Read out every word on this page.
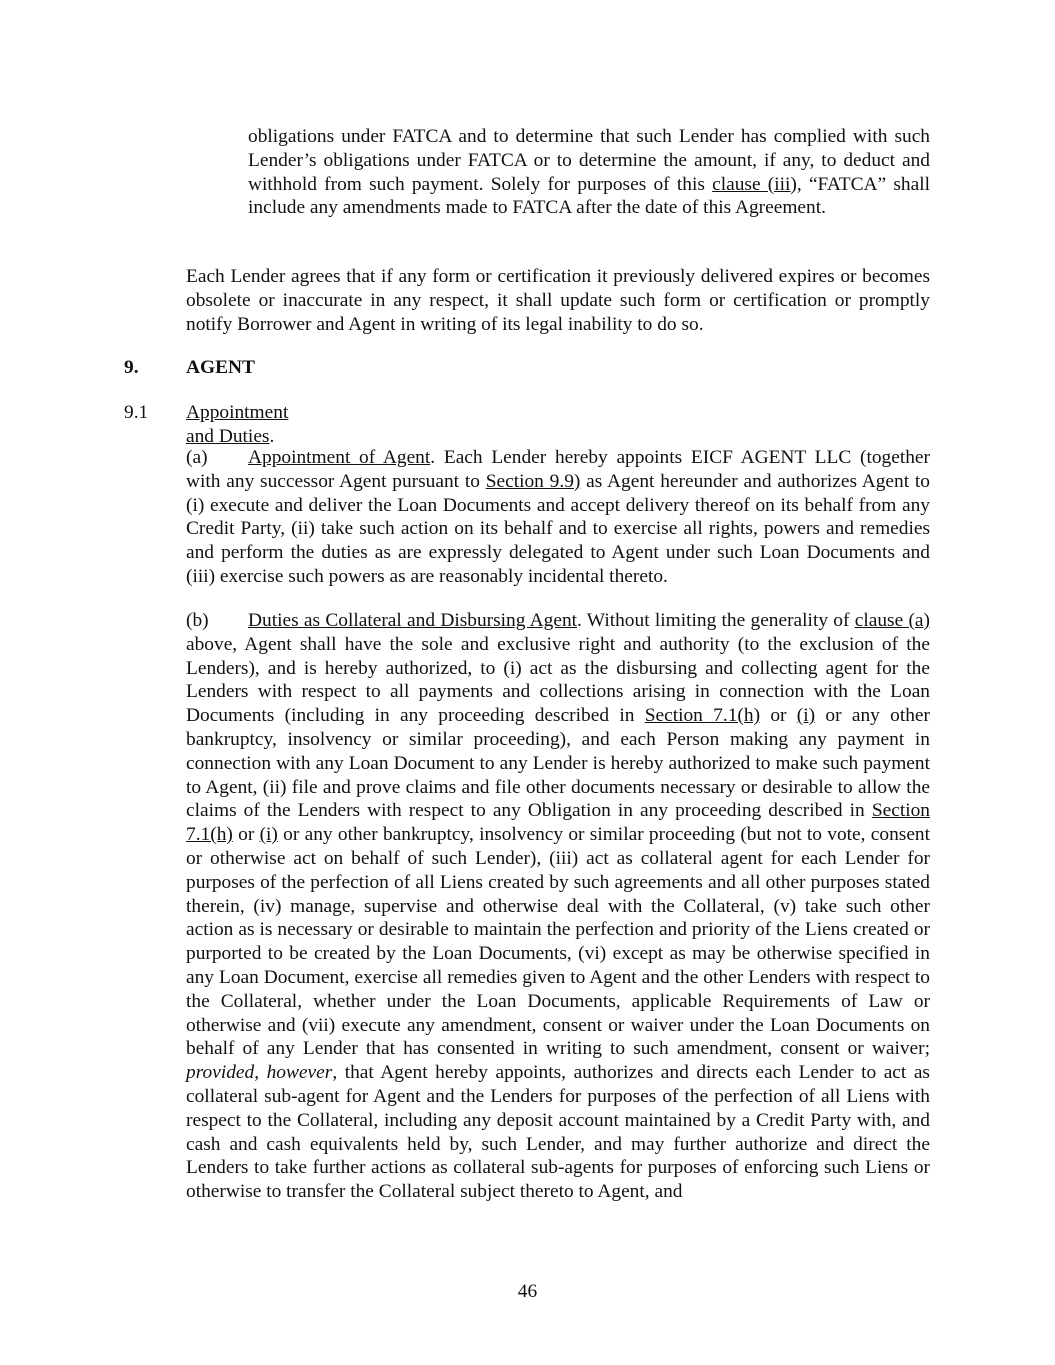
obligations under FATCA and to determine that such Lender has complied with such Lender’s obligations under FATCA or to determine the amount, if any, to deduct and withhold from such payment. Solely for purposes of this clause (iii), “FATCA” shall include any amendments made to FATCA after the date of this Agreement.

Each Lender agrees that if any form or certification it previously delivered expires or becomes obsolete or inaccurate in any respect, it shall update such form or certification or promptly notify Borrower and Agent in writing of its legal inability to do so.

9. AGENT
9.1 Appointment and Duties.

(a) Appointment of Agent. Each Lender hereby appoints EICF AGENT LLC (together with any successor Agent pursuant to Section 9.9) as Agent hereunder and authorizes Agent to (i) execute and deliver the Loan Documents and accept delivery thereof on its behalf from any Credit Party, (ii) take such action on its behalf and to exercise all rights, powers and remedies and perform the duties as are expressly delegated to Agent under such Loan Documents and (iii) exercise such powers as are reasonably incidental thereto.

(b) Duties as Collateral and Disbursing Agent. Without limiting the generality of clause (a) above, Agent shall have the sole and exclusive right and authority (to the exclusion of the Lenders), and is hereby authorized, to (i) act as the disbursing and collecting agent for the Lenders with respect to all payments and collections arising in connection with the Loan Documents (including in any proceeding described in Section 7.1(h) or (i) or any other bankruptcy, insolvency or similar proceeding), and each Person making any payment in connection with any Loan Document to any Lender is hereby authorized to make such payment to Agent, (ii) file and prove claims and file other documents necessary or desirable to allow the claims of the Lenders with respect to any Obligation in any proceeding described in Section 7.1(h) or (i) or any other bankruptcy, insolvency or similar proceeding (but not to vote, consent or otherwise act on behalf of such Lender), (iii) act as collateral agent for each Lender for purposes of the perfection of all Liens created by such agreements and all other purposes stated therein, (iv) manage, supervise and otherwise deal with the Collateral, (v) take such other action as is necessary or desirable to maintain the perfection and priority of the Liens created or purported to be created by the Loan Documents, (vi) except as may be otherwise specified in any Loan Document, exercise all remedies given to Agent and the other Lenders with respect to the Collateral, whether under the Loan Documents, applicable Requirements of Law or otherwise and (vii) execute any amendment, consent or waiver under the Loan Documents on behalf of any Lender that has consented in writing to such amendment, consent or waiver; provided, however, that Agent hereby appoints, authorizes and directs each Lender to act as collateral sub-agent for Agent and the Lenders for purposes of the perfection of all Liens with respect to the Collateral, including any deposit account maintained by a Credit Party with, and cash and cash equivalents held by, such Lender, and may further authorize and direct the Lenders to take further actions as collateral sub-agents for purposes of enforcing such Liens or otherwise to transfer the Collateral subject thereto to Agent, and

46
